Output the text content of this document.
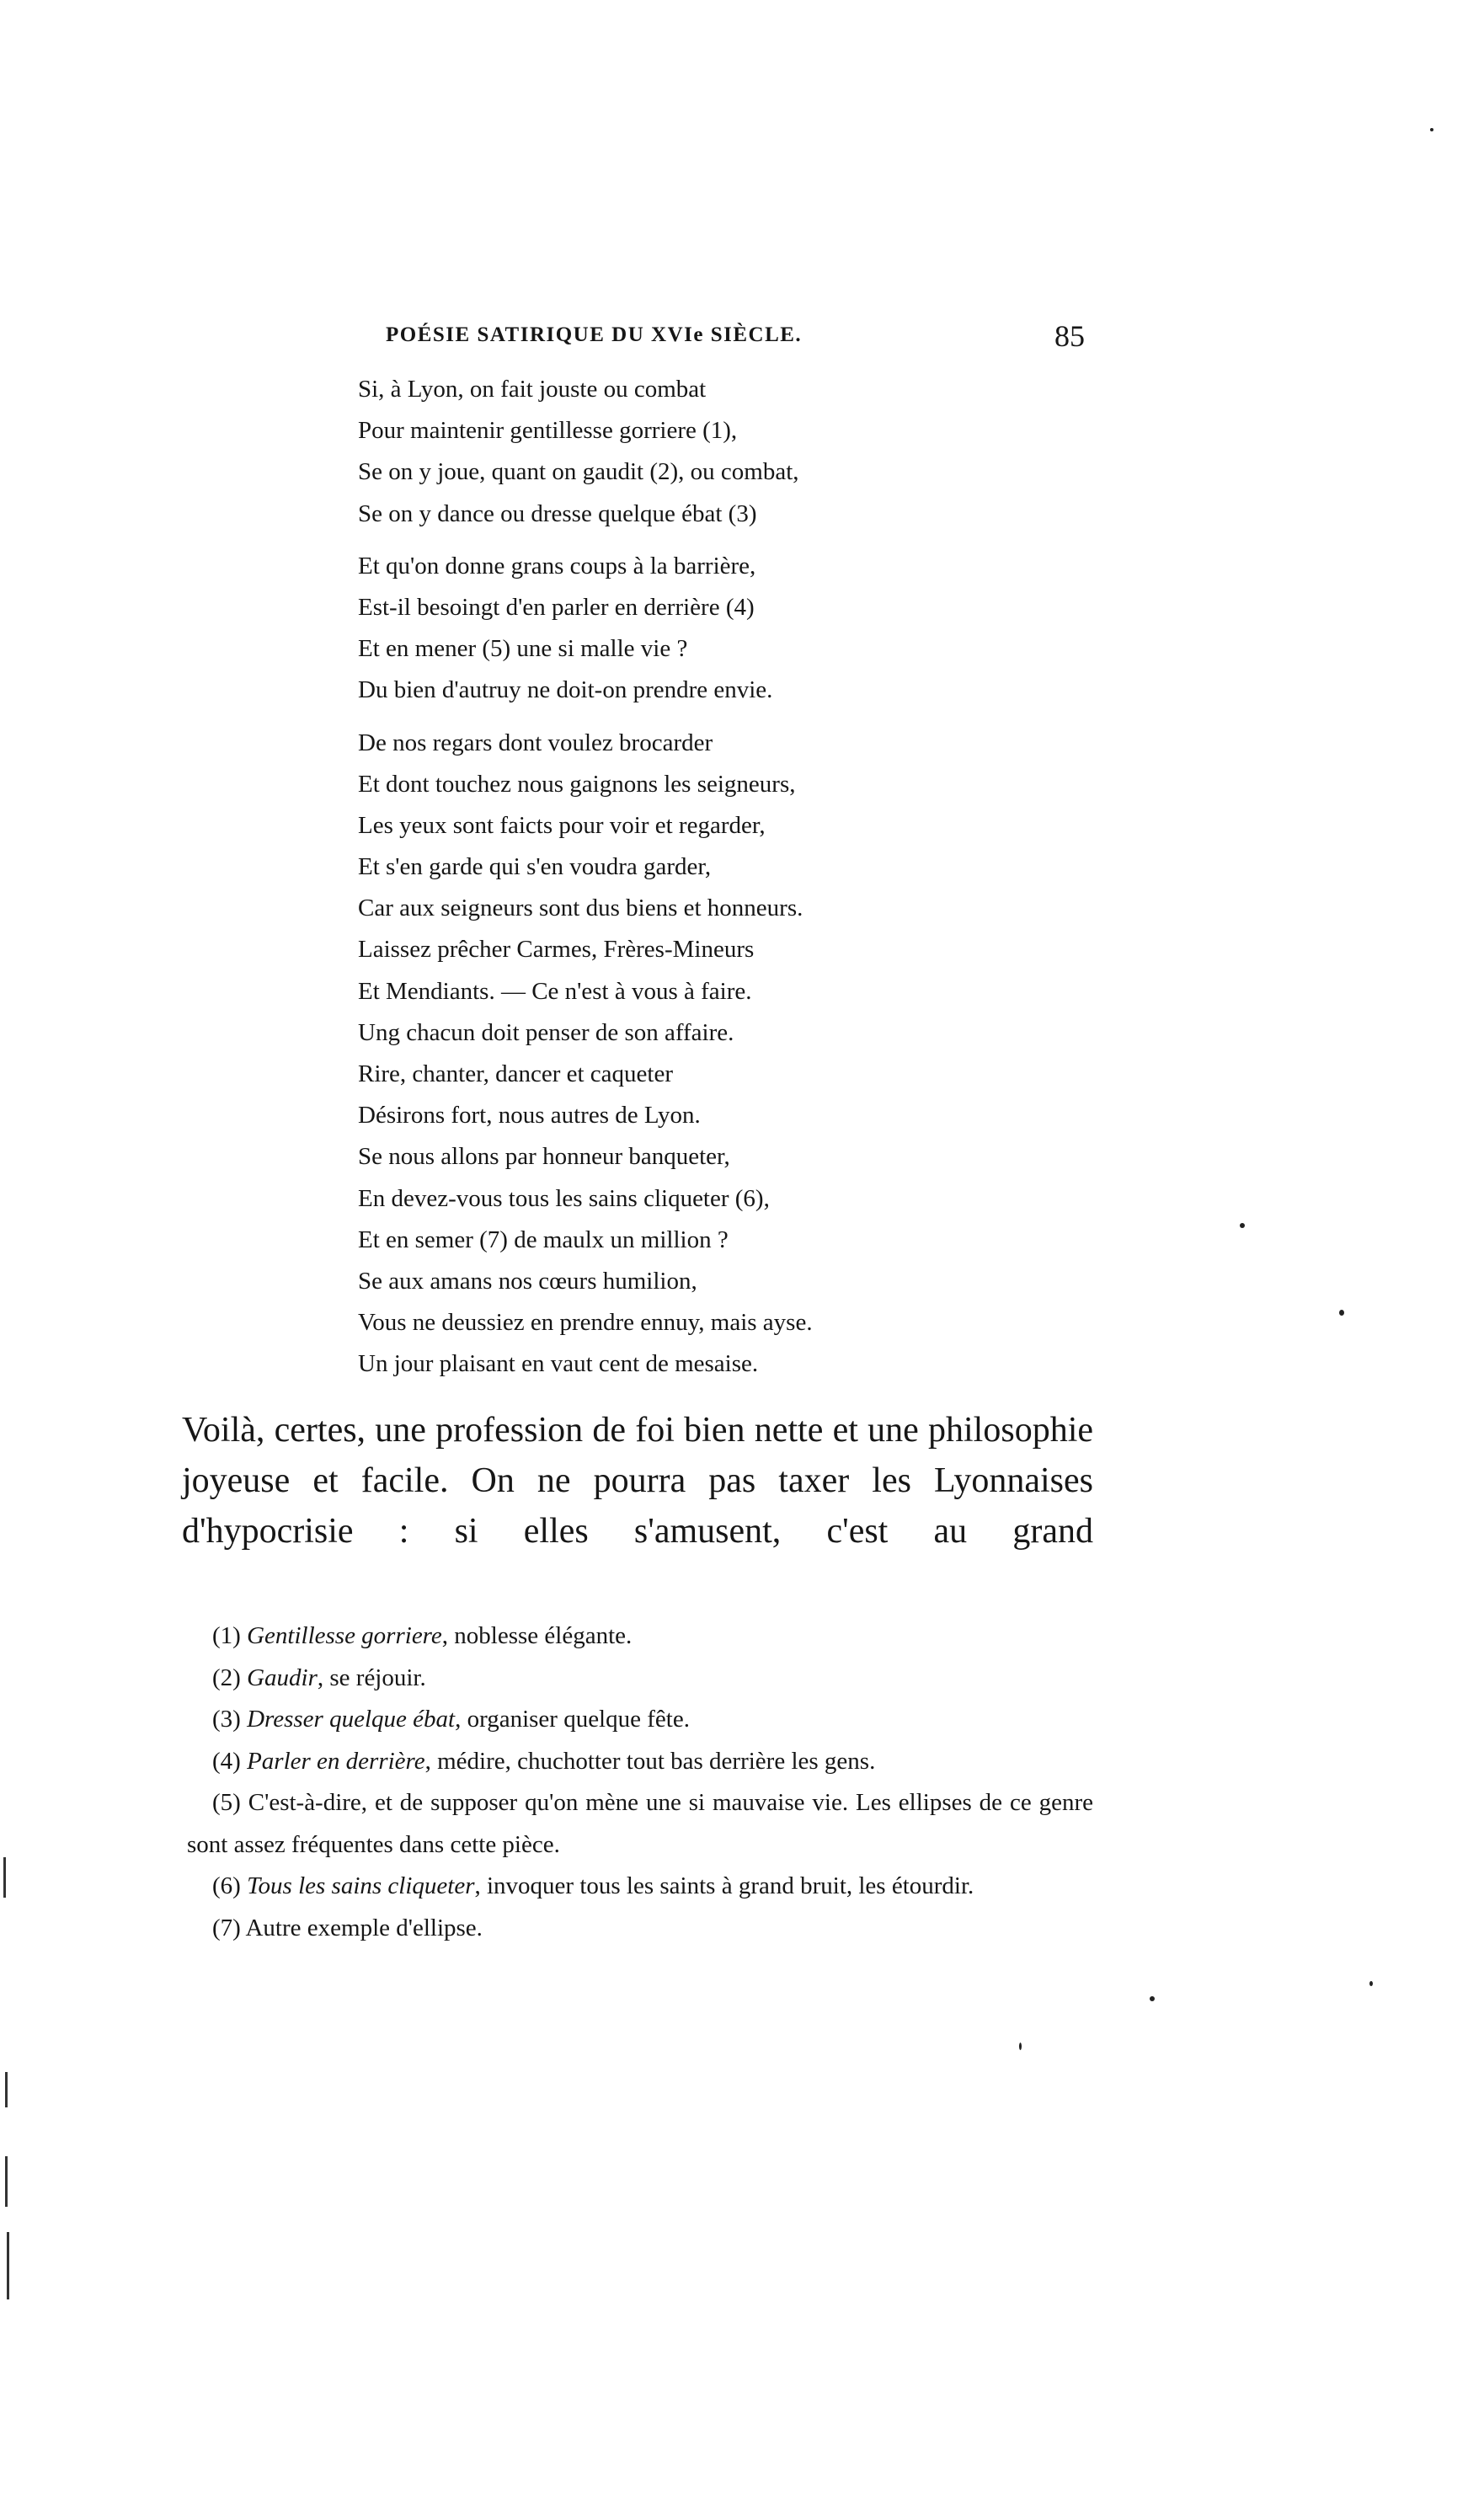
POÉSIE SATIRIQUE DU XVIe SIÈCLE.	85
Si, à Lyon, on fait jouste ou combat
Pour maintenir gentillesse gorriere (1),
Se on y joue, quant on gaudit (2), ou combat,
Se on y dance ou dresse quelque ébat (3)
Et qu'on donne grans coups à la barrière,
Est-il besoingt d'en parler en derrière (4)
Et en mener (5) une si malle vie ?
Du bien d'autruy ne doit-on prendre envie.
De nos regars dont voulez brocarder
Et dont touchez nous gaignons les seigneurs,
Les yeux sont faicts pour voir et regarder,
Et s'en garde qui s'en voudra garder,
Car aux seigneurs sont dus biens et honneurs.
Laissez prêcher Carmes, Frères-Mineurs
Et Mendiants. — Ce n'est à vous à faire.
Ung chacun doit penser de son affaire.
Rire, chanter, dancer et caqueter
Désirons fort, nous autres de Lyon.
Se nous allons par honneur banqueter,
En devez-vous tous les sains cliqueter (6),
Et en semer (7) de maulx un million ?
Se aux amans nos cœurs humilion,
Vous ne deussiez en prendre ennuy, mais ayse.
Un jour plaisant en vaut cent de mesaise.

Voilà, certes, une profession de foi bien nette et une philosophie joyeuse et facile. On ne pourra pas taxer les Lyonnaises d'hypocrisie : si elles s'amusent, c'est au grand

(1) Gentillesse gorriere, noblesse élégante.

(2) Gaudir, se réjouir.

(3) Dresser quelque ébat, organiser quelque fête.

(4) Parler en derrière, médire, chuchotter tout bas derrière les gens.

(5) C'est-à-dire, et de supposer qu'on mène une si mauvaise vie. Les ellipses de ce genre sont assez fréquentes dans cette pièce.

(6) Tous les sains cliqueter, invoquer tous les saints à grand bruit, les étourdir.

(7) Autre exemple d'ellipse.
